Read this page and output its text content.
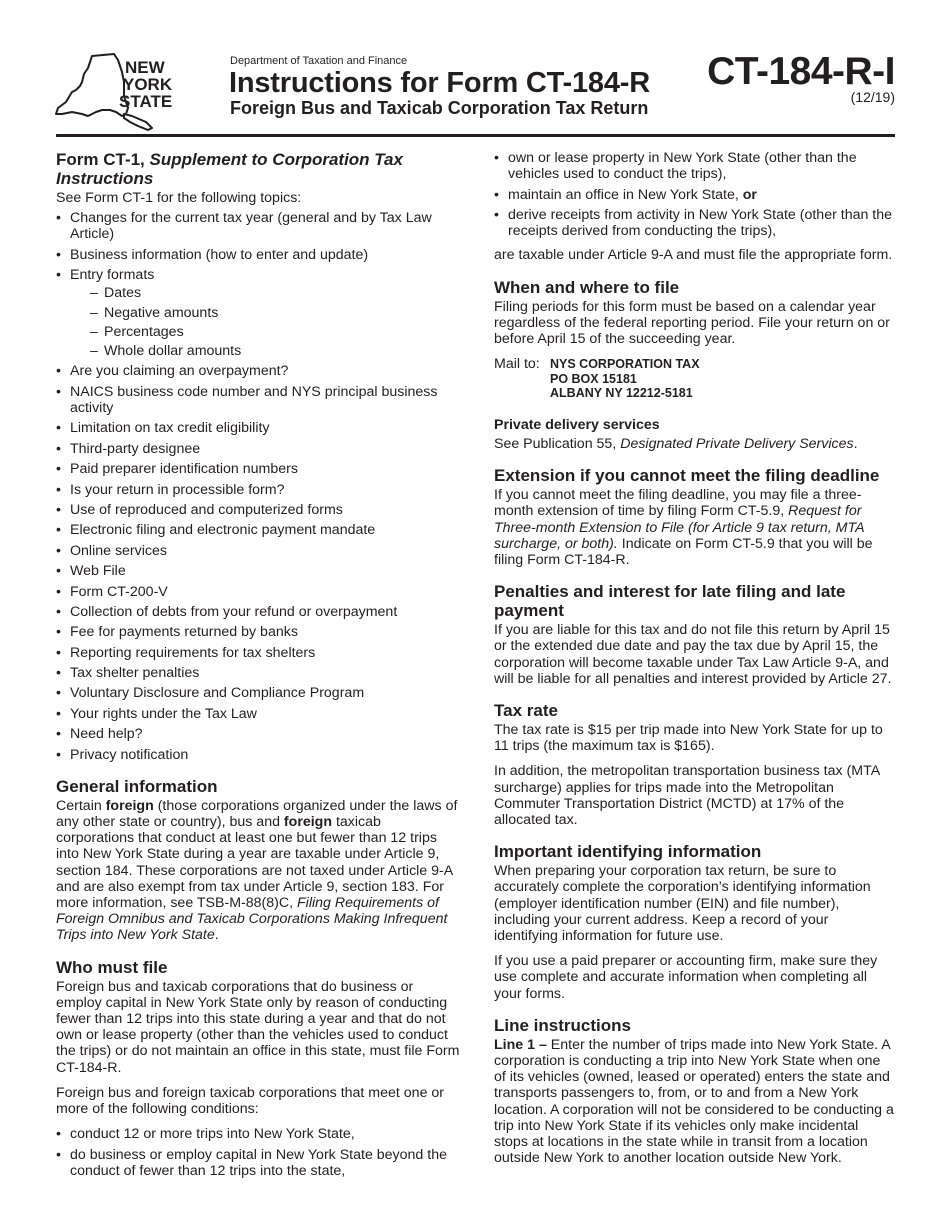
NEW
YORK
STATE
Department of Taxation and Finance
Instructions for Form CT-184-R
Foreign Bus and Taxicab Corporation Tax Return
CT-184-R-I
(12/19)
Form CT-1, Supplement to Corporation Tax Instructions

See Form CT-1 for the following topics:

• Changes for the current tax year (general and by Tax Law Article)
• Business information (how to enter and update)
• Entry formats
– Dates
– Negative amounts
– Percentages
– Whole dollar amounts
• Are you claiming an overpayment?
• NAICS business code number and NYS principal business activity
• Limitation on tax credit eligibility
• Third-party designee
• Paid preparer identification numbers
• Is your return in processible form?
• Use of reproduced and computerized forms
• Electronic filing and electronic payment mandate
• Online services
• Web File
• Form CT-200-V
• Collection of debts from your refund or overpayment
• Fee for payments returned by banks
• Reporting requirements for tax shelters
• Tax shelter penalties
• Voluntary Disclosure and Compliance Program
• Your rights under the Tax Law
• Need help?
• Privacy notification
General information

Certain foreign (those corporations organized under the laws of any other state or country), bus and foreign taxicab corporations that conduct at least one but fewer than 12 trips into New York State during a year are taxable under Article 9, section 184. These corporations are not taxed under Article 9-A and are also exempt from tax under Article 9, section 183. For more information, see TSB-M-88(8)C, Filing Requirements of Foreign Omnibus and Taxicab Corporations Making Infrequent Trips into New York State.

Who must file

Foreign bus and taxicab corporations that do business or employ capital in New York State only by reason of conducting fewer than 12 trips into this state during a year and that do not own or lease property (other than the vehicles used to conduct the trips) or do not maintain an office in this state, must file Form CT-184-R.

Foreign bus and foreign taxicab corporations that meet one or more of the following conditions:

• conduct 12 or more trips into New York State,
• do business or employ capital in New York State beyond the conduct of fewer than 12 trips into the state,
• own or lease property in New York State (other than the vehicles used to conduct the trips),
• maintain an office in New York State, or
• derive receipts from activity in New York State (other than the receipts derived from conducting the trips),

are taxable under Article 9-A and must file the appropriate form.

When and where to file

Filing periods for this form must be based on a calendar year regardless of the federal reporting period. File your return on or before April 15 of the succeeding year.

Mail to: NYS CORPORATION TAX
PO BOX 15181
ALBANY NY 12212-5181
Private delivery services

See Publication 55, Designated Private Delivery Services.

Extension if you cannot meet the filing deadline

If you cannot meet the filing deadline, you may file a three-month extension of time by filing Form CT-5.9, Request for Three-month Extension to File (for Article 9 tax return, MTA surcharge, or both). Indicate on Form CT-5.9 that you will be filing Form CT-184-R.

Penalties and interest for late filing and late payment

If you are liable for this tax and do not file this return by April 15 or the extended due date and pay the tax due by April 15, the corporation will become taxable under Tax Law Article 9-A, and will be liable for all penalties and interest provided by Article 27.

Tax rate

The tax rate is $15 per trip made into New York State for up to 11 trips (the maximum tax is $165).

In addition, the metropolitan transportation business tax (MTA surcharge) applies for trips made into the Metropolitan Commuter Transportation District (MCTD) at 17% of the allocated tax.

Important identifying information

When preparing your corporation tax return, be sure to accurately complete the corporation’s identifying information (employer identification number (EIN) and file number), including your current address. Keep a record of your identifying information for future use.

If you use a paid preparer or accounting firm, make sure they use complete and accurate information when completing all your forms.

Line instructions

Line 1 – Enter the number of trips made into New York State. A corporation is conducting a trip into New York State when one of its vehicles (owned, leased or operated) enters the state and transports passengers to, from, or to and from a New York location. A corporation will not be considered to be conducting a trip into New York State if its vehicles only make incidental stops at locations in the state while in transit from a location outside New York to another location outside New York.
